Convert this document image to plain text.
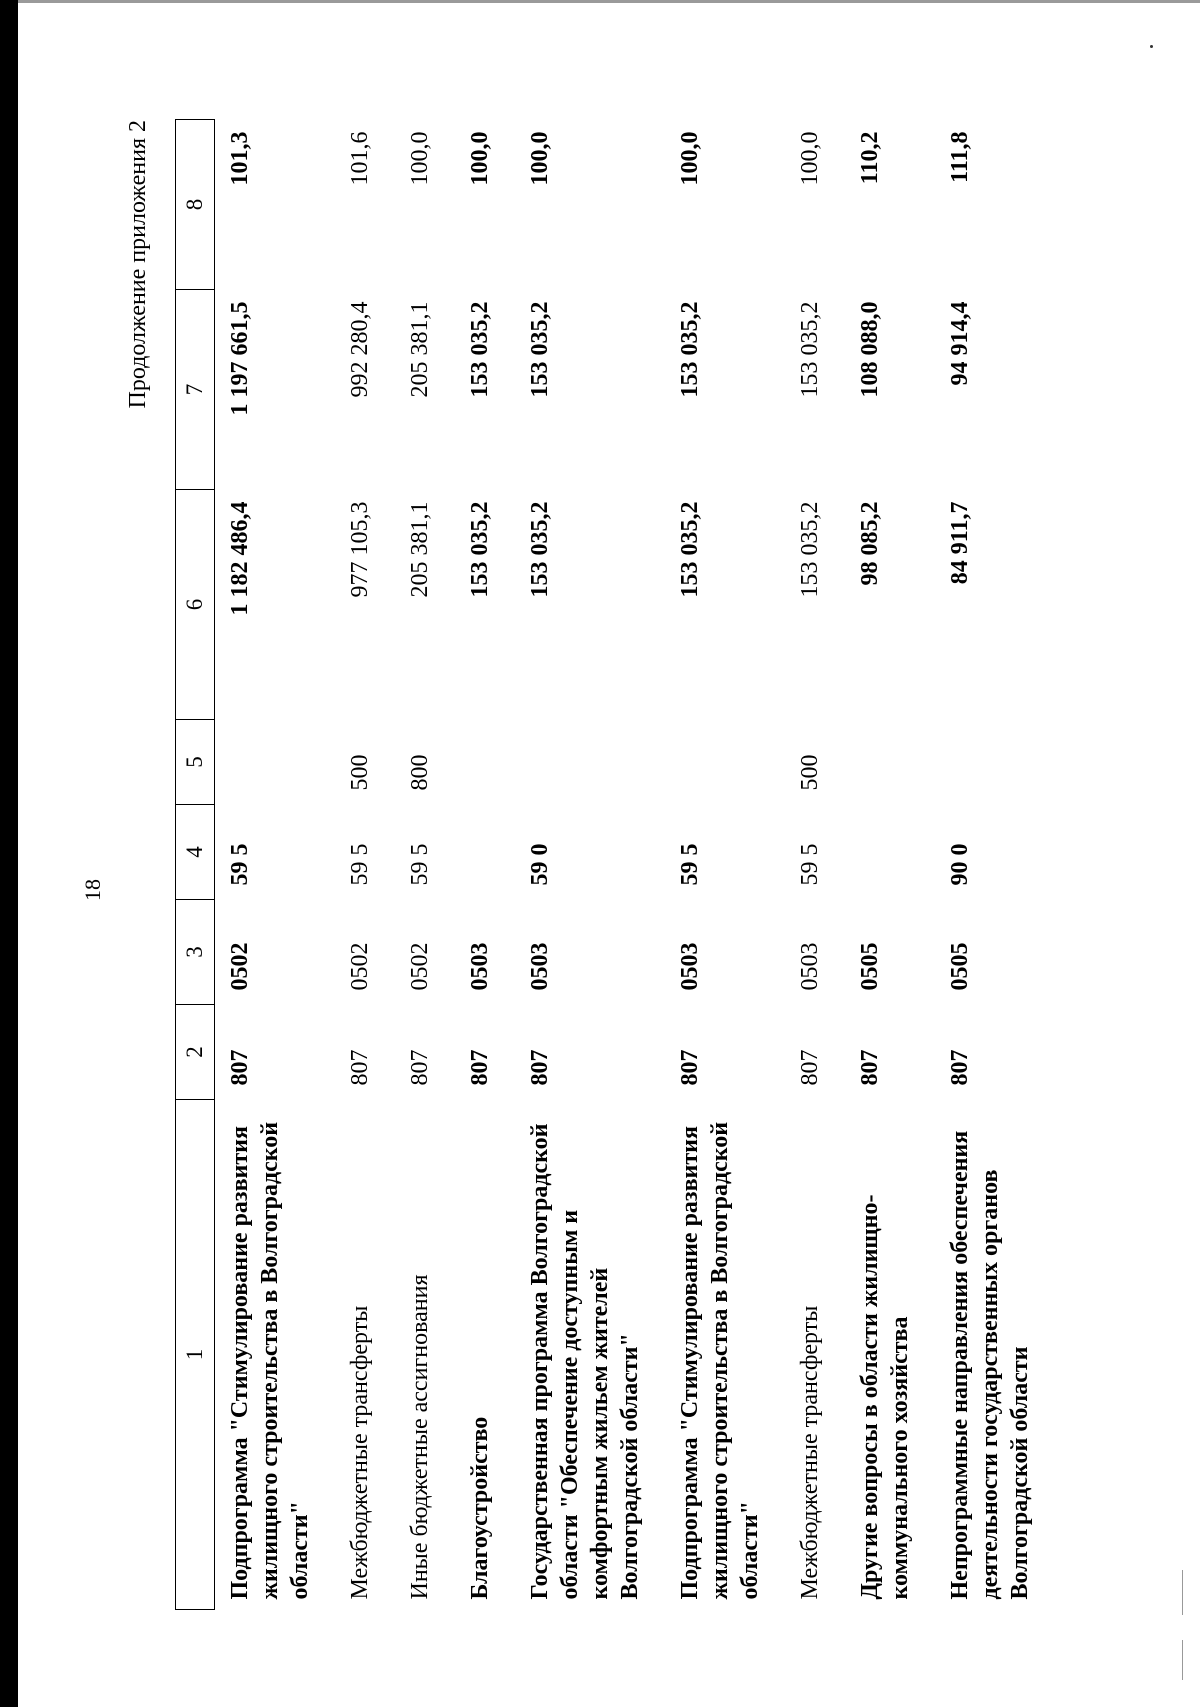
18
Продолжение приложения 2
1	2	3	4	5	6	7	8
Подпрограмма "Стимулирование развития жилищного строительства в Волгоградской области"	807	0502	59 5		1 182 486,4	1 197 661,5	101,3
Межбюджетные трансферты	807	0502	59 5	500	977 105,3	992 280,4	101,6
Иные бюджетные ассигнования	807	0502	59 5	800	205 381,1	205 381,1	100,0
Благоустройство	807	0503			153 035,2	153 035,2	100,0
Государственная программа Волгоградской области "Обеспечение доступным и комфортным жильем жителей Волгоградской области"	807	0503	59 0		153 035,2	153 035,2	100,0
Подпрограмма "Стимулирование развития жилищного строительства в Волгоградской области"	807	0503	59 5		153 035,2	153 035,2	100,0
Межбюджетные трансферты	807	0503	59 5	500	153 035,2	153 035,2	100,0
Другие вопросы в области жилищно-коммунального хозяйства	807	0505			98 085,2	108 088,0	110,2
Непрограммные направления обеспечения деятельности государственных органов Волгоградской области	807	0505	90 0		84 911,7	94 914,4	111,8
